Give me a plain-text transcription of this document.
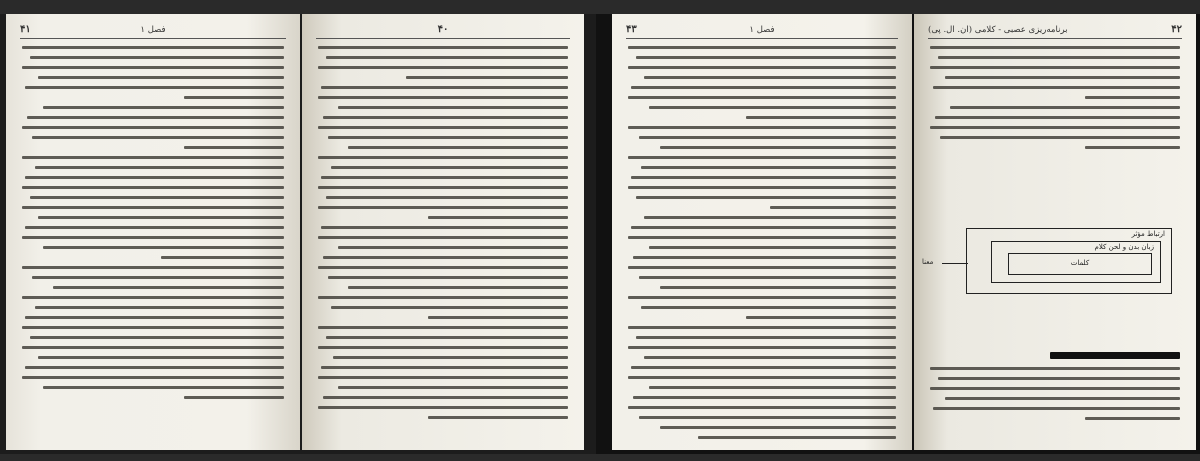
۴۱	فصل ۱	۴۰	۴۳	فصل ۱	۴۲
برنامه‌ریزی عصبی - کلامی (ان. ال. پی)
ارتباط مؤثر
زبان بدن و لحن کلام
کلمات
معنا
